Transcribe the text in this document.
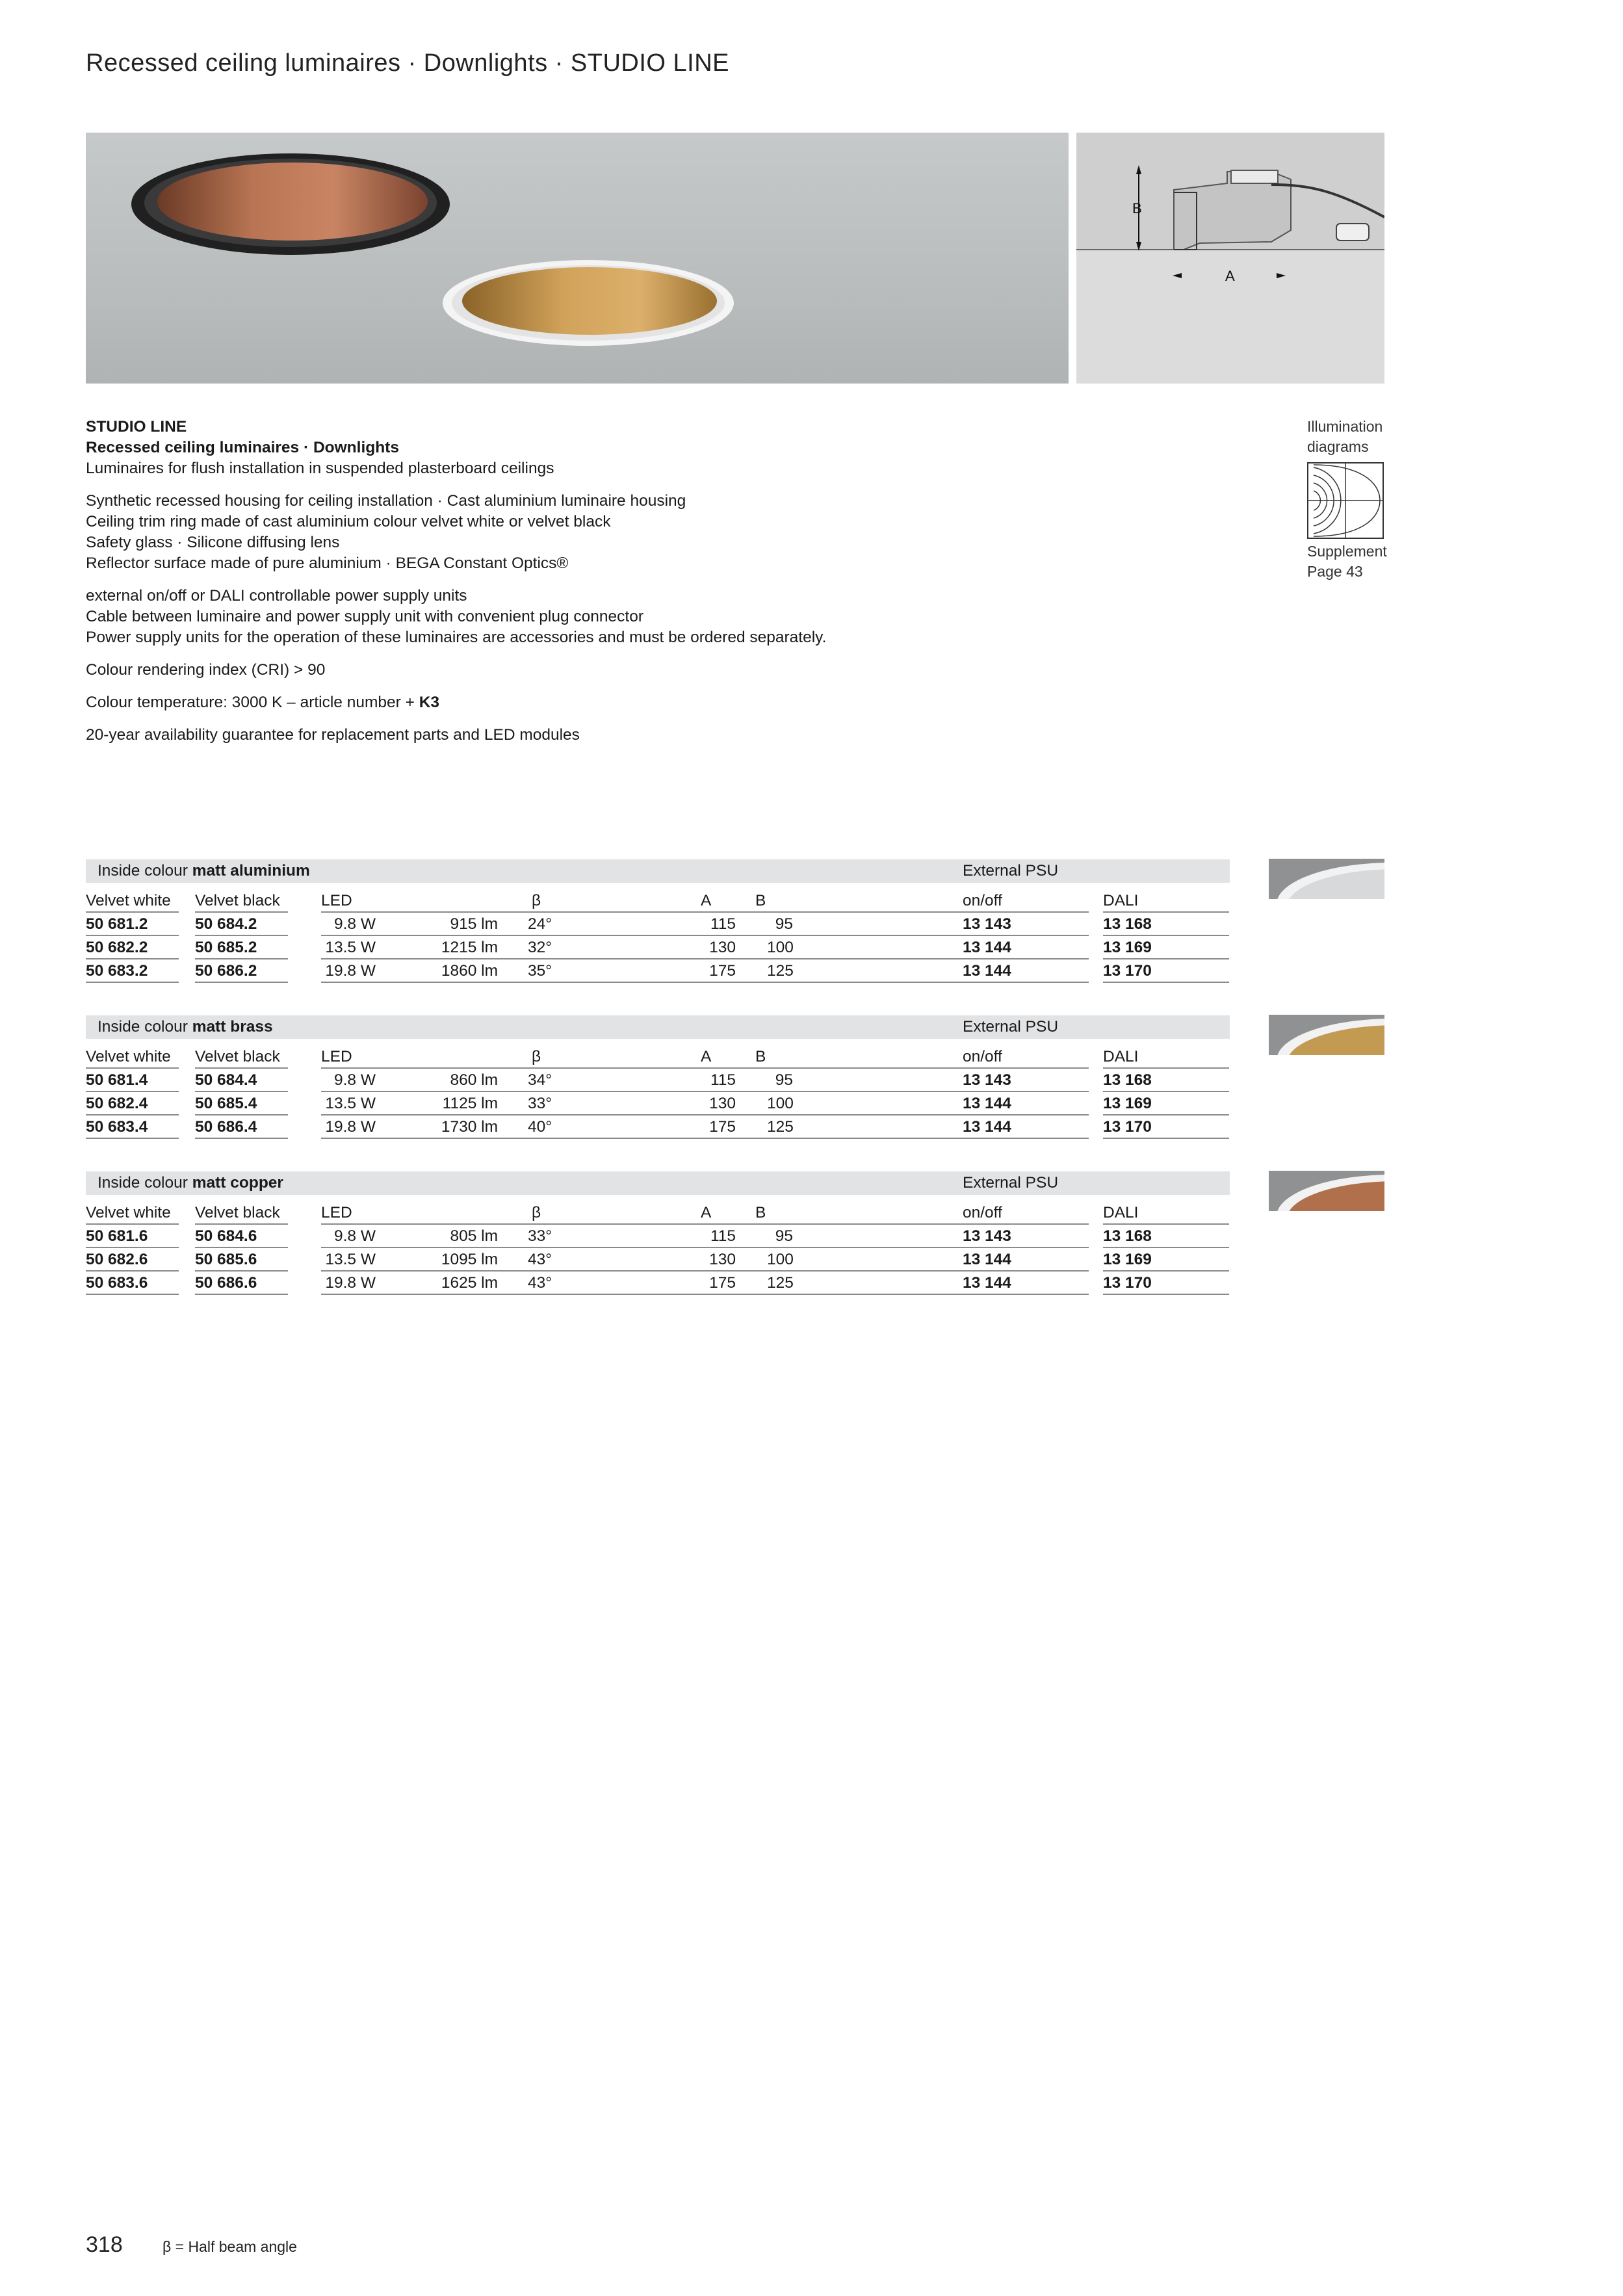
Recessed ceiling luminaires · Downlights · STUDIO LINE
B
A
STUDIO LINE
Recessed ceiling luminaires · Downlights
Luminaires for flush installation in suspended plasterboard ceilings
Synthetic recessed housing for ceiling installation · Cast aluminium luminaire housing
Ceiling trim ring made of cast aluminium colour velvet white or velvet black
Safety glass · Silicone diffusing lens
Reflector surface made of pure aluminium · BEGA Constant Optics®
external on/off or DALI controllable power supply units
Cable between luminaire and power supply unit with convenient plug connector
Power supply units for the operation of these luminaires are accessories and must be ordered separately.
Colour rendering index (CRI) > 90
Colour temperature: 3000 K – article number + K3
20-year availability guarantee for replacement parts and LED modules
Illumination
diagrams
Supplement
Page 43
Inside colour matt aluminium	External PSU
Velvet white Velvet black	LED	β	A	B	on/off	DALI
50 681.2	50 684.2	9.8 W	915 lm 24°	115	95	13 143	13 168
50 682.2	50 685.2	13.5 W	1215 lm 32°	130 100	13 144	13 169
50 683.2	50 686.2	19.8 W	1860 lm 35°	175 125	13 144	13 170
Inside colour matt brass	External PSU
Velvet white Velvet black	LED	β	A	B	on/off	DALI
50 681.4	50 684.4	9.8 W	860 lm 34°	115	95	13 143	13 168
50 682.4	50 685.4	13.5 W	1125 lm 33°	130 100	13 144	13 169
50 683.4	50 686.4	19.8 W	1730 lm 40°	175 125	13 144	13 170
Inside colour matt copper	External PSU
Velvet white Velvet black	LED	β	A	B	on/off	DALI
50 681.6	50 684.6	9.8 W	805 lm 33°	115	95	13 143	13 168
50 682.6	50 685.6	13.5 W	1095 lm 43°	130 100	13 144	13 169
50 683.6	50 686.6	19.8 W	1625 lm 43°	175 125	13 144	13 170
318	β = Half beam angle
